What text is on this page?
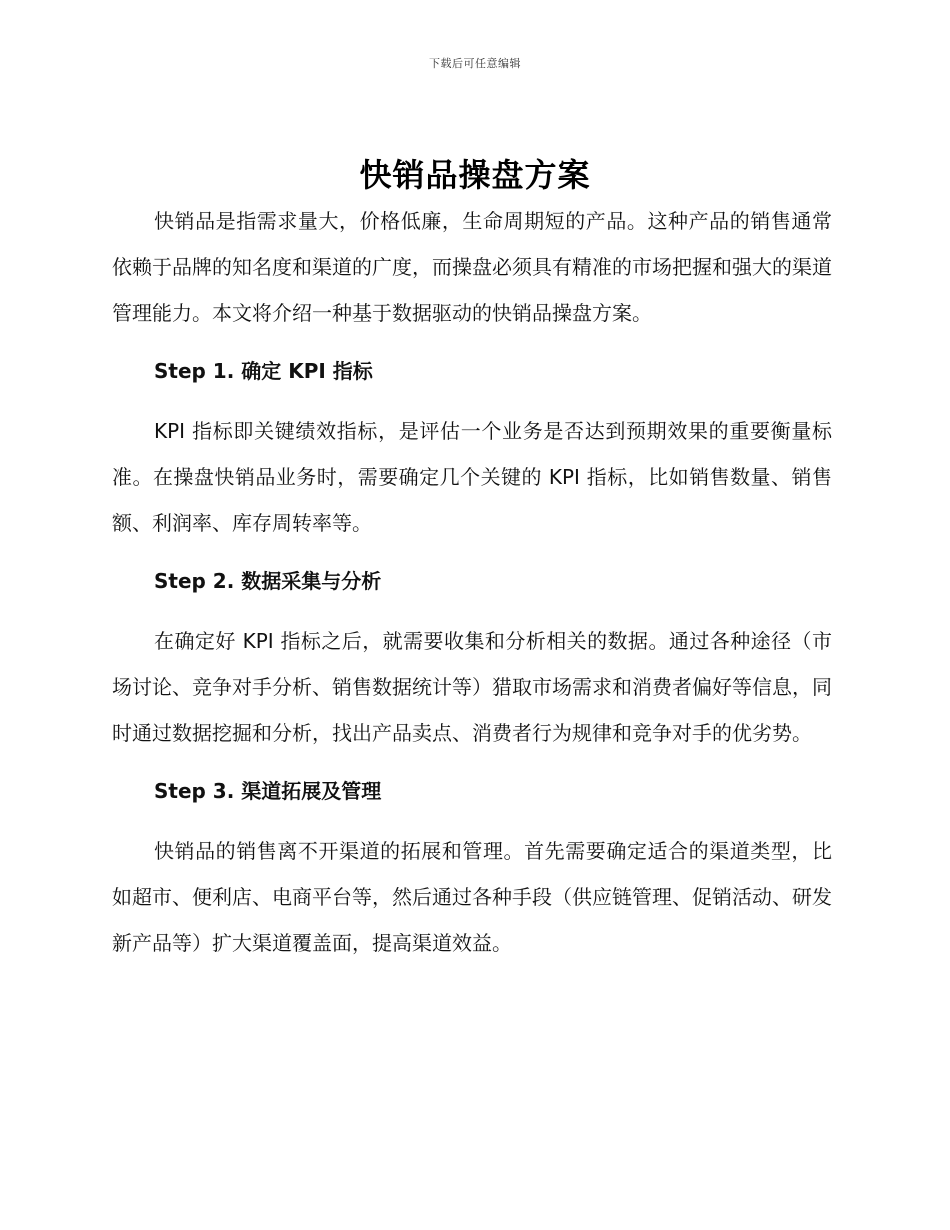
下载后可任意编辑
快销品操盘方案

快销品是指需求量大，价格低廉，生命周期短的产品。这种产品的销售通常依赖于品牌的知名度和渠道的广度，而操盘必须具有精准的市场把握和强大的渠道管理能力。本文将介绍一种基于数据驱动的快销品操盘方案。

Step 1. 确定 KPI 指标

KPI 指标即关键绩效指标，是评估一个业务是否达到预期效果的重要衡量标准。在操盘快销品业务时，需要确定几个关键的 KPI 指标，比如销售数量、销售额、利润率、库存周转率等。

Step 2. 数据采集与分析

在确定好 KPI 指标之后，就需要收集和分析相关的数据。通过各种途径（市场讨论、竞争对手分析、销售数据统计等）猎取市场需求和消费者偏好等信息，同时通过数据挖掘和分析，找出产品卖点、消费者行为规律和竞争对手的优劣势。

Step 3. 渠道拓展及管理

快销品的销售离不开渠道的拓展和管理。首先需要确定适合的渠道类型，比如超市、便利店、电商平台等，然后通过各种手段（供应链管理、促销活动、研发新产品等）扩大渠道覆盖面，提高渠道效益。
